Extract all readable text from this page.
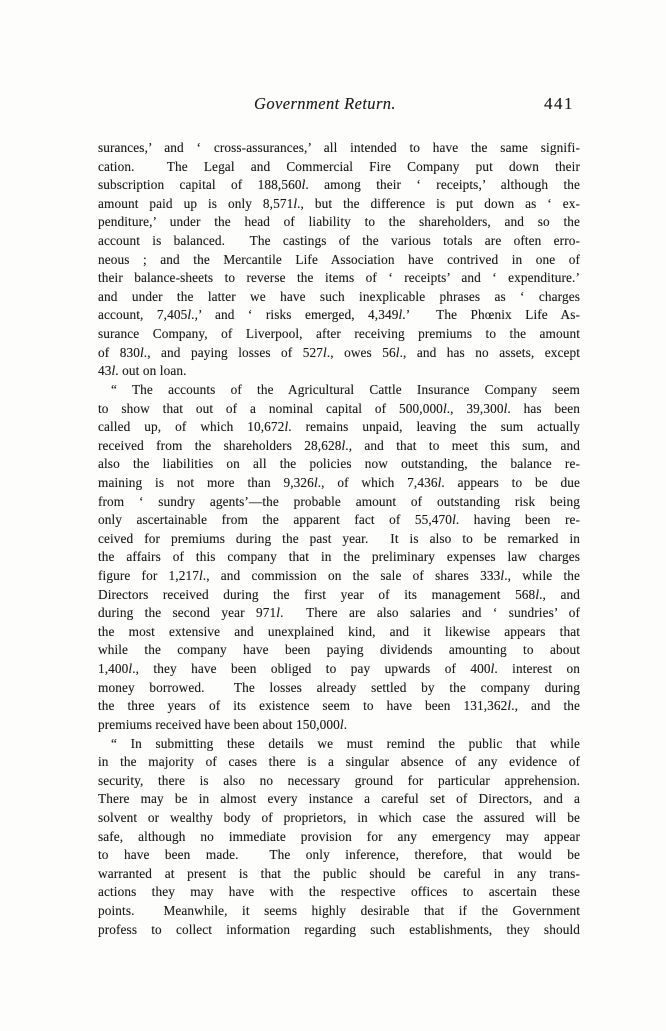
Government Return.	441
surances,’ and ‘ cross-assurances,’ all intended to have the same signifi-
cation.  The Legal and Commercial Fire Company put down their
subscription capital of 188,560l. among their ‘ receipts,’ although the
amount paid up is only 8,571l., but the difference is put down as ‘ ex-
penditure,’ under the head of liability to the shareholders, and so the
account is balanced.  The castings of the various totals are often erro-
neous ; and the Mercantile Life Association have contrived in one of
their balance-sheets to reverse the items of ‘ receipts’ and ‘ expenditure.’
and under the latter we have such inexplicable phrases as ‘ charges
account, 7,405l.,’ and ‘ risks emerged, 4,349l.’  The Phœnix Life As-
surance Company, of Liverpool, after receiving premiums to the amount
of 830l., and paying losses of 527l., owes 56l., and has no assets, except
43l. out on loan.
“ The accounts of the Agricultural Cattle Insurance Company seem
to show that out of a nominal capital of 500,000l., 39,300l. has been
called up, of which 10,672l. remains unpaid, leaving the sum actually
received from the shareholders 28,628l., and that to meet this sum, and
also the liabilities on all the policies now outstanding, the balance re-
maining is not more than 9,326l., of which 7,436l. appears to be due
from ‘ sundry agents’—the probable amount of outstanding risk being
only ascertainable from the apparent fact of 55,470l. having been re-
ceived for premiums during the past year.  It is also to be remarked in
the affairs of this company that in the preliminary expenses law charges
figure for 1,217l., and commission on the sale of shares 333l., while the
Directors received during the first year of its management 568l., and
during the second year 971l.  There are also salaries and ‘ sundries’ of
the most extensive and unexplained kind, and it likewise appears that
while the company have been paying dividends amounting to about
1,400l., they have been obliged to pay upwards of 400l. interest on
money borrowed.  The losses already settled by the company during
the three years of its existence seem to have been 131,362l., and the
premiums received have been about 150,000l.
“ In submitting these details we must remind the public that while
in the majority of cases there is a singular absence of any evidence of
security, there is also no necessary ground for particular apprehension.
There may be in almost every instance a careful set of Directors, and a
solvent or wealthy body of proprietors, in which case the assured will be
safe, although no immediate provision for any emergency may appear
to have been made.  The only inference, therefore, that would be
warranted at present is that the public should be careful in any trans-
actions they may have with the respective offices to ascertain these
points.  Meanwhile, it seems highly desirable that if the Government
profess to collect information regarding such establishments, they should
